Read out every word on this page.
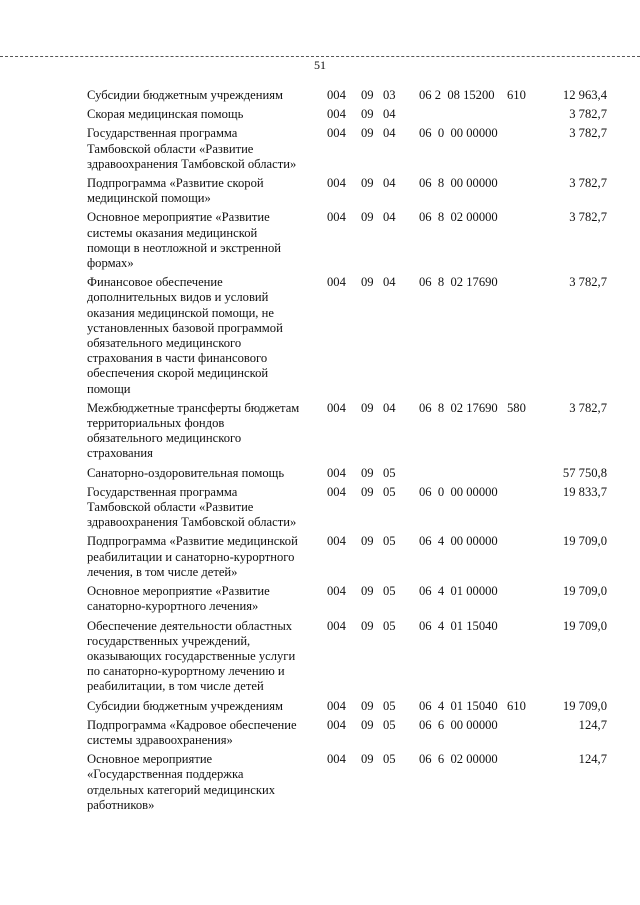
51
Субсидии бюджетным учреждениям	004	09 03	06 2  08 15200 610	12 963,4
Скорая медицинская помощь	004	09 04	3 782,7
Государственная программа
Тамбовской области «Развитие
здравоохранения Тамбовской области»
004	09 04	06  0  00 00000	3 782,7
Подпрограмма «Развитие скорой
медицинской помощи»
004	09 04	06  8  00 00000	3 782,7
Основное мероприятие «Развитие
системы оказания медицинской
помощи в неотложной и экстренной
формах»
004	09 04	06  8  02 00000	3 782,7
Финансовое обеспечение
дополнительных видов и условий
оказания медицинской помощи, не
установленных базовой программой
обязательного медицинского
страхования в части финансового
обеспечения скорой медицинской
помощи
004	09 04	06  8  02 17690	3 782,7
Межбюджетные трансферты бюджетам
территориальных фондов
обязательного медицинского
страхования
004	09 04	06  8  02 17690 580	3 782,7
Санаторно-оздоровительная помощь	004	09 05	57 750,8
Государственная программа
Тамбовской области «Развитие
здравоохранения Тамбовской области»
004	09 05	06  0  00 00000	19 833,7
Подпрограмма «Развитие медицинской
реабилитации и санаторно-курортного
лечения, в том числе детей»
004	09 05	06  4  00 00000	19 709,0
Основное мероприятие «Развитие
санаторно-курортного лечения»
004	09 05	06  4  01 00000	19 709,0
Обеспечение деятельности областных
государственных учреждений,
оказывающих государственные услуги
по санаторно-курортному лечению и
реабилитации, в том числе детей
004	09 05	06  4  01 15040	19 709,0
Субсидии бюджетным учреждениям	004	09 05	06  4  01 15040 610	19 709,0
Подпрограмма «Кадровое обеспечение
системы здравоохранения»
004	09 05	06  6  00 00000	124,7
Основное мероприятие
«Государственная поддержка
отдельных категорий медицинских
работников»
004	09 05	06  6  02 00000	124,7
